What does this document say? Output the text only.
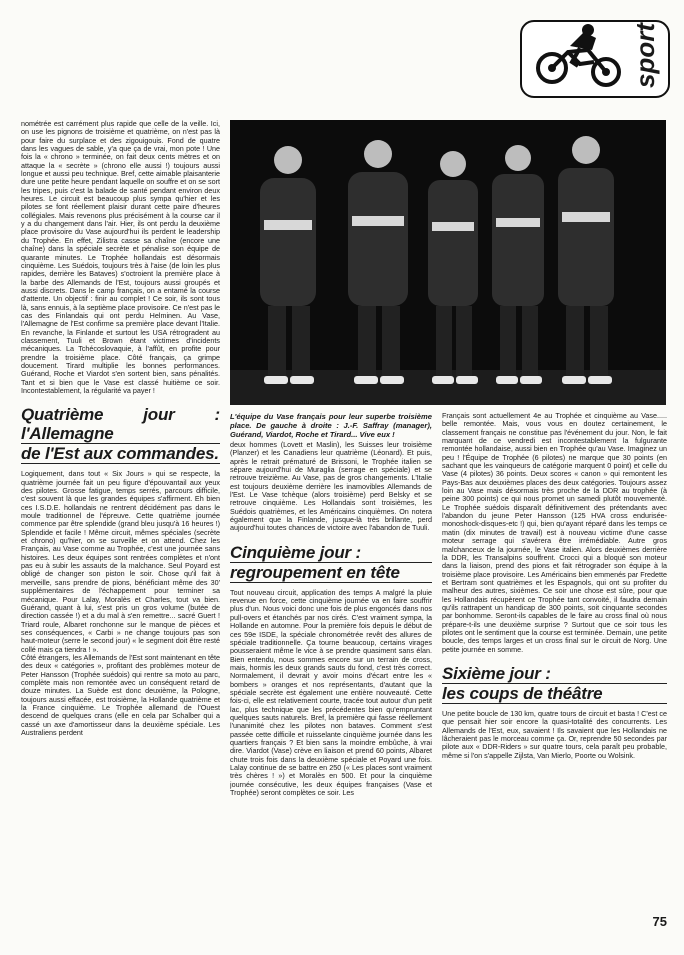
sport

nométrée est carrément plus rapide que celle de la veille. Ici, on use les pignons de troisième et quatrième, on n'est pas là pour faire du surplace et des zigouigouis. Fond de quatre dans les vagues de sable, y'a que ça de vrai, mon pote ! Une fois la « chrono » terminée, on fait deux cents mètres et on attaque la « secrète » (chrono elle aussi !) toujours aussi longue et aussi peu technique. Bref, cette aimable plaisanterie dure une petite heure pendant laquelle on souffre et on se sort les tripes, puis c'est la balade de santé pendant environ deux heures. Le circuit est beaucoup plus sympa qu'hier et les pilotes se font réellement plaisir durant cette paire d'heures collégiales. Mais revenons plus précisément à la course car il y a du changement dans l'air. Hier, ils ont perdu la deuxième place provisoire du Vase aujourd'hui ils perdent le leadership du Trophée. En effet, Zilistra casse sa chaîne (encore une chaîne) dans la spéciale secrète et pénalise son équipe de quarante minutes. Le Trophée hollandais est désormais cinquième. Les Suédois, toujours très à l'aise (de loin les plus rapides, derrière les Bataves) s'octroient la première place à la barbe des Allemands de l'Est, toujours aussi groupés et aussi discrets. Dans le camp français, on a entamé la course d'attente. Un objectif : finir au complet ! Ce soir, ils sont tous là, sans ennuis, à la septième place provisoire. Ce n'est pas le cas des Finlandais qui ont perdu Helminen. Au Vase, l'Allemagne de l'Est confirme sa première place devant l'Italie. En revanche, la Finlande et surtout les USA rétrogradent au classement, Tuuli et Brown étant victimes d'incidents mécaniques. La Tchécoslovaquie, à l'affût, en profite pour prendre la troisième place. Côté français, ça grimpe doucement. Tirard multiplie les bonnes performances. Guérand, Roche et Viardot s'en sortent bien, sans pénalités. Tant et si bien que le Vase est classé huitième ce soir. Incontestablement, la régularité va payer !

Quatrième jour : l'Allemagne
de l'Est aux commandes.

Logiquement, dans tout « Six Jours » qui se respecte, la quatrième journée fait un peu figure d'épouvantail aux yeux des pilotes. Grosse fatigue, temps serrés, parcours difficile, c'est souvent là que les grandes équipes s'affirment. Eh bien ces I.S.D.E. hollandais ne rentrent décidément pas dans le moule traditionnel de l'épreuve. Cette quatrième journée commence par être splendide (grand bleu jusqu'à 16 heures !) Splendide et facile ! Même circuit, mêmes spéciales (secrète et chrono) qu'hier, on se surveille et on attend. Chez les Français, au Vase comme au Trophée, c'est une journée sans histoires. Les deux équipes sont rentrées complètes et n'ont pas eu à subir les assauts de la malchance. Seul Poyard est obligé de changer son piston le soir. Chose qu'il fait à merveille, sans prendre de pions, bénéficiant même des 30' supplémentaires de l'échappement pour terminer sa mécanique. Pour Lalay, Moralès et Charles, tout va bien. Guérand, quant à lui, s'est pris un gros volume (butée de direction cassée !) et a du mal à s'en remettre... sacré Guert ! Triard roule, Albaret ronchonne sur le manque de pièces et ses conséquences, « Carbi » ne change toujours pas son haut-moteur (serre le second jour) « le segment doit être resté collé mais ça tiendra ! ».

Côté étrangers, les Allemands de l'Est sont maintenant en tête des deux « catégories », profitant des problèmes moteur de Peter Hansson (Trophée suédois) qui rentre sa moto au parc, complète mais non remontée avec un conséquent retard de douze minutes. La Suède est donc deuxième, la Pologne, toujours aussi effacée, est troisième, la Hollande quatrième et la France cinquième. Le Trophée allemand de l'Ouest descend de quelques crans (elle en cela par Schalber qui a cassé un axe d'amortisseur dans la deuxième spéciale. Les Australiens perdent

L'équipe du Vase français pour leur superbe troisième place. De gauche à droite : J.-F. Saffray (manager), Guérand, Viardot, Roche et Tirard... Vive eux !

deux hommes (Lovett et Maslin), les Suisses leur troisième (Planzer) et les Canadiens leur quatrième (Léonard). Et puis, après le retrait prématuré de Brissoni, le Trophée italien se sépare aujourd'hui de Muraglia (serrage en spéciale) et se retrouve treizième. Au Vase, pas de gros changements. L'Italie est toujours deuxième derrière les inamovibles Allemands de l'Est. Le Vase tchèque (alors troisième) perd Belsky et se retrouve cinquième. Les Hollandais sont troisièmes, les Suédois quatrièmes, et les Américains cinquièmes. On notera également que la Finlande, jusque-là très brillante, perd aujourd'hui toutes chances de victoire avec l'abandon de Tuuli.

Cinquième jour :
regroupement en tête

Tout nouveau circuit, application des temps A malgré la pluie revenue en force, cette cinquième journée va en faire souffrir plus d'un. Nous voici donc une fois de plus engoncés dans nos pull-overs et étanchés par nos cirés. C'est vraiment sympa, la Hollande en automne. Pour la première fois depuis le début de ces 59e ISDE, la spéciale chronométrée revêt des allures de spéciale traditionnelle. Ça tourne beaucoup, certains virages pousseraient même le vice à se prendre quasiment sans élan. Bien entendu, nous sommes encore sur un terrain de cross, mais, hormis les deux grands sauts du fond, c'est très correct. Normalement, il devrait y avoir moins d'écart entre les « bombers » oranges et nos représentants, d'autant que la spéciale secrète est également une entière nouveauté. Cette fois-ci, elle est relativement courte, tracée tout autour d'un petit lac, plus technique que les précédentes bien qu'empruntant quelques sauts naturels. Bref, la première qui fasse réellement l'unanimité chez les pilotes non bataves. Comment s'est passée cette difficile et ruisselante cinquième journée dans les quartiers français ? Et bien sans la moindre embûche, à vrai dire. Viardot (Vase) crève en liaison et prend 60 points, Albaret chute trois fois dans la deuxième spéciale et Poyard une fois. Lalay continue de se battre en 250 (« Les places sont vraiment très chères ! ») et Moralès en 500. Et pour la cinquième journée consécutive, les deux équipes françaises (Vase et Trophée) seront complètes ce soir. Les

Français sont actuellement 4e au Trophée et cinquième au Vase..... belle remontée. Mais, vous vous en doutez certainement, le classement français ne constitue pas l'événement du jour. Non, le fait marquant de ce vendredi est incontestablement la fulgurante remontée hollandaise, aussi bien en Trophée qu'au Vase. Imaginez un peu ! l'Équipe de Trophée (6 pilotes) ne marque que 30 points (en sachant que les vainqueurs de catégorie marquent 0 point) et celle du Vase (4 pilotes) 36 points. Deux scores « canon » qui remontent les Pays-Bas aux deuxièmes places des deux catégories. Toujours assez loin au Vase mais désormais très proche de la DDR au trophée (à peine 300 points) ce qui nous promet un samedi plutôt mouvementé. Le Trophée suédois disparaît définitivement des prétendants avec l'abandon du jeune Peter Hansson (125 HVA cross endurisée-monoshock-disques-etc !) qui, bien qu'ayant réparé dans les temps ce matin (dix minutes de travail) est à nouveau victime d'une casse moteur serrage qui s'avérera être irrémédiable. Autre gros malchanceux de la journée, le Vase italien. Alors deuxièmes derrière la DDR, les Transalpins souffrent. Crocci qui a bloqué son moteur dans la liaison, prend des pions et fait rétrograder son équipe à la troisième place provisoire. Les Américains bien emmenés par Fredette et Bertram sont quatrièmes et les Espagnols, qui ont su profiter du malheur des autres, sixièmes. Ce soir une chose est sûre, pour que les Hollandais récupèrent ce Trophée tant convoité, il faudra demain qu'ils rattrapent un handicap de 300 points, soit cinquante secondes par bonhomme. Seront-ils capables de le faire au cross final où nous prépare-t-ils une deuxième surprise ? Surtout que ce soir tous les pilotes ont le sentiment que la course est terminée. Demain, une petite boucle, des temps larges et un cross final sur le circuit de Norg. Une petite journée en somme.

Sixième jour :
les coups de théâtre

Une petite boucle de 130 km, quatre tours de circuit et basta ! C'est ce que pensait hier soir encore la quasi-totalité des concurrents. Les Allemands de l'Est, eux, savaient ! Ils savaient que les Hollandais ne lâcheraient pas le morceau comme ça. Or, reprendre 50 secondes par pilote aux « DDR-Riders » sur quatre tours, cela paraît peu probable, même si l'on s'appelle Zijlsta, Van Mierlo, Poorte ou Wolsink.

75
